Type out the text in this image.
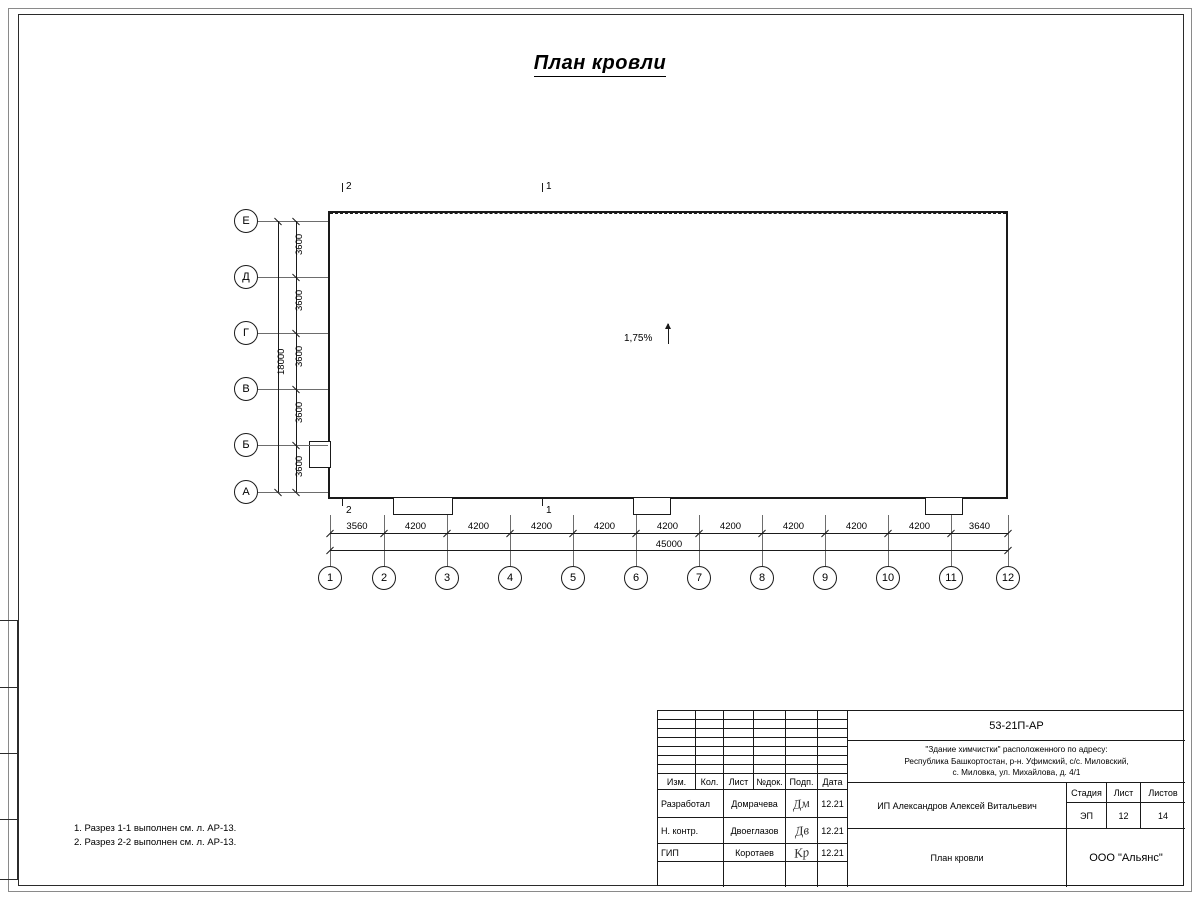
План кровли
1,75%
Е
Д
Г
В
Б
А
3600
3600
3600
3600
3600
18000
1	2	3	4	5	6	7	8	9	10	11	12
3560	4200	4200	4200	4200	4200	4200	4200	4200	4200	3640
45000
2	1
2	1
1. Разрез 1-1 выполнен см. л. АР-13.
2. Разрез 2-2 выполнен см. л. АР-13.
53-21П-АР
"Здание химчистки" расположенного по адресу:
Республика Башкортостан, р-н. Уфимский, с/с. Миловский,
с. Миловка, ул. Михайлова, д. 4/1
Изм. Кол. Лист №док. Подп. Дата
Разработал Домрачева Дм 12.21
Н. контр.	Двоеглазов Дв 12.21
ГИП	Коротаев Кр 12.21
ИП Александров Алексей Витальевич
План кровли
Стадия Лист Листов
ЭП	12	14
ООО "Альянс"
